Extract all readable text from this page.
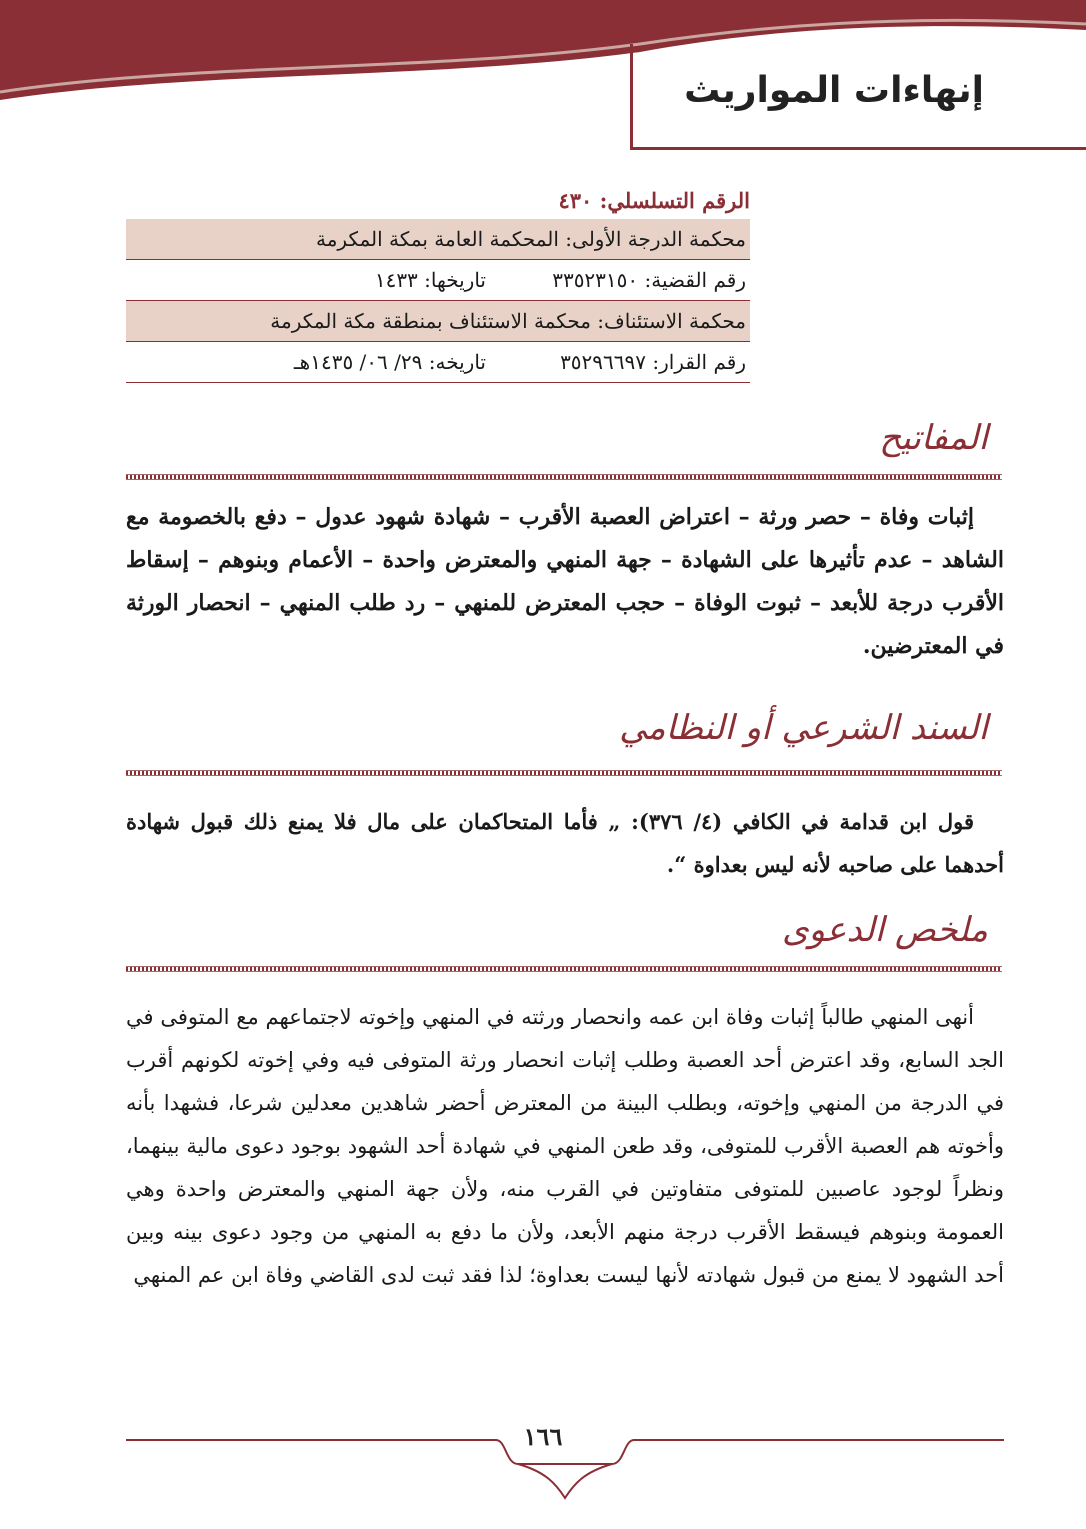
إنهاءات المواريث
الرقم التسلسلي: ٤٣٠
محكمة الدرجة الأولى: المحكمة العامة بمكة المكرمة
رقم القضية: ٣٣٥٢٣١٥٠
تاريخها: ١٤٣٣
محكمة الاستئناف: محكمة الاستئناف بمنطقة مكة المكرمة
رقم القرار: ٣٥٢٩٦٦٩٧
تاريخه: ٢٩/ ٠٦/ ١٤٣٥هـ
المفاتيح
إثبات وفاة – حصر ورثة – اعتراض العصبة الأقرب – شهادة شهود عدول – دفع بالخصومة مع الشاهد – عدم تأثيرها على الشهادة – جهة المنهي والمعترض واحدة – الأعمام وبنوهم – إسقاط الأقرب درجة للأبعد – ثبوت الوفاة – حجب المعترض للمنهي – رد طلب المنهي – انحصار الورثة في المعترضين.
السند الشرعي أو النظامي
قول ابن قدامة في الكافي (٤/ ٣٧٦): „ فأما المتحاكمان على مال فلا يمنع ذلك قبول شهادة أحدهما على صاحبه لأنه ليس بعداوة “.
ملخص الدعوى
أنهى المنهي طالباً إثبات وفاة ابن عمه وانحصار ورثته في المنهي وإخوته لاجتماعهم مع المتوفى في الجد السابع، وقد اعترض أحد العصبة وطلب إثبات انحصار ورثة المتوفى فيه وفي إخوته لكونهم أقرب في الدرجة من المنهي وإخوته، وبطلب البينة من المعترض أحضر شاهدين معدلين شرعا، فشهدا بأنه وأخوته هم العصبة الأقرب للمتوفى، وقد طعن المنهي في شهادة أحد الشهود بوجود دعوى مالية بينهما، ونظراً لوجود عاصبين للمتوفى متفاوتين في القرب منه، ولأن جهة المنهي والمعترض واحدة وهي العمومة وبنوهم فيسقط الأقرب درجة منهم الأبعد، ولأن ما دفع به المنهي من وجود دعوى بينه وبين أحد الشهود لا يمنع من قبول شهادته لأنها ليست بعداوة؛ لذا فقد ثبت لدى القاضي وفاة ابن عم المنهي
١٦٦
